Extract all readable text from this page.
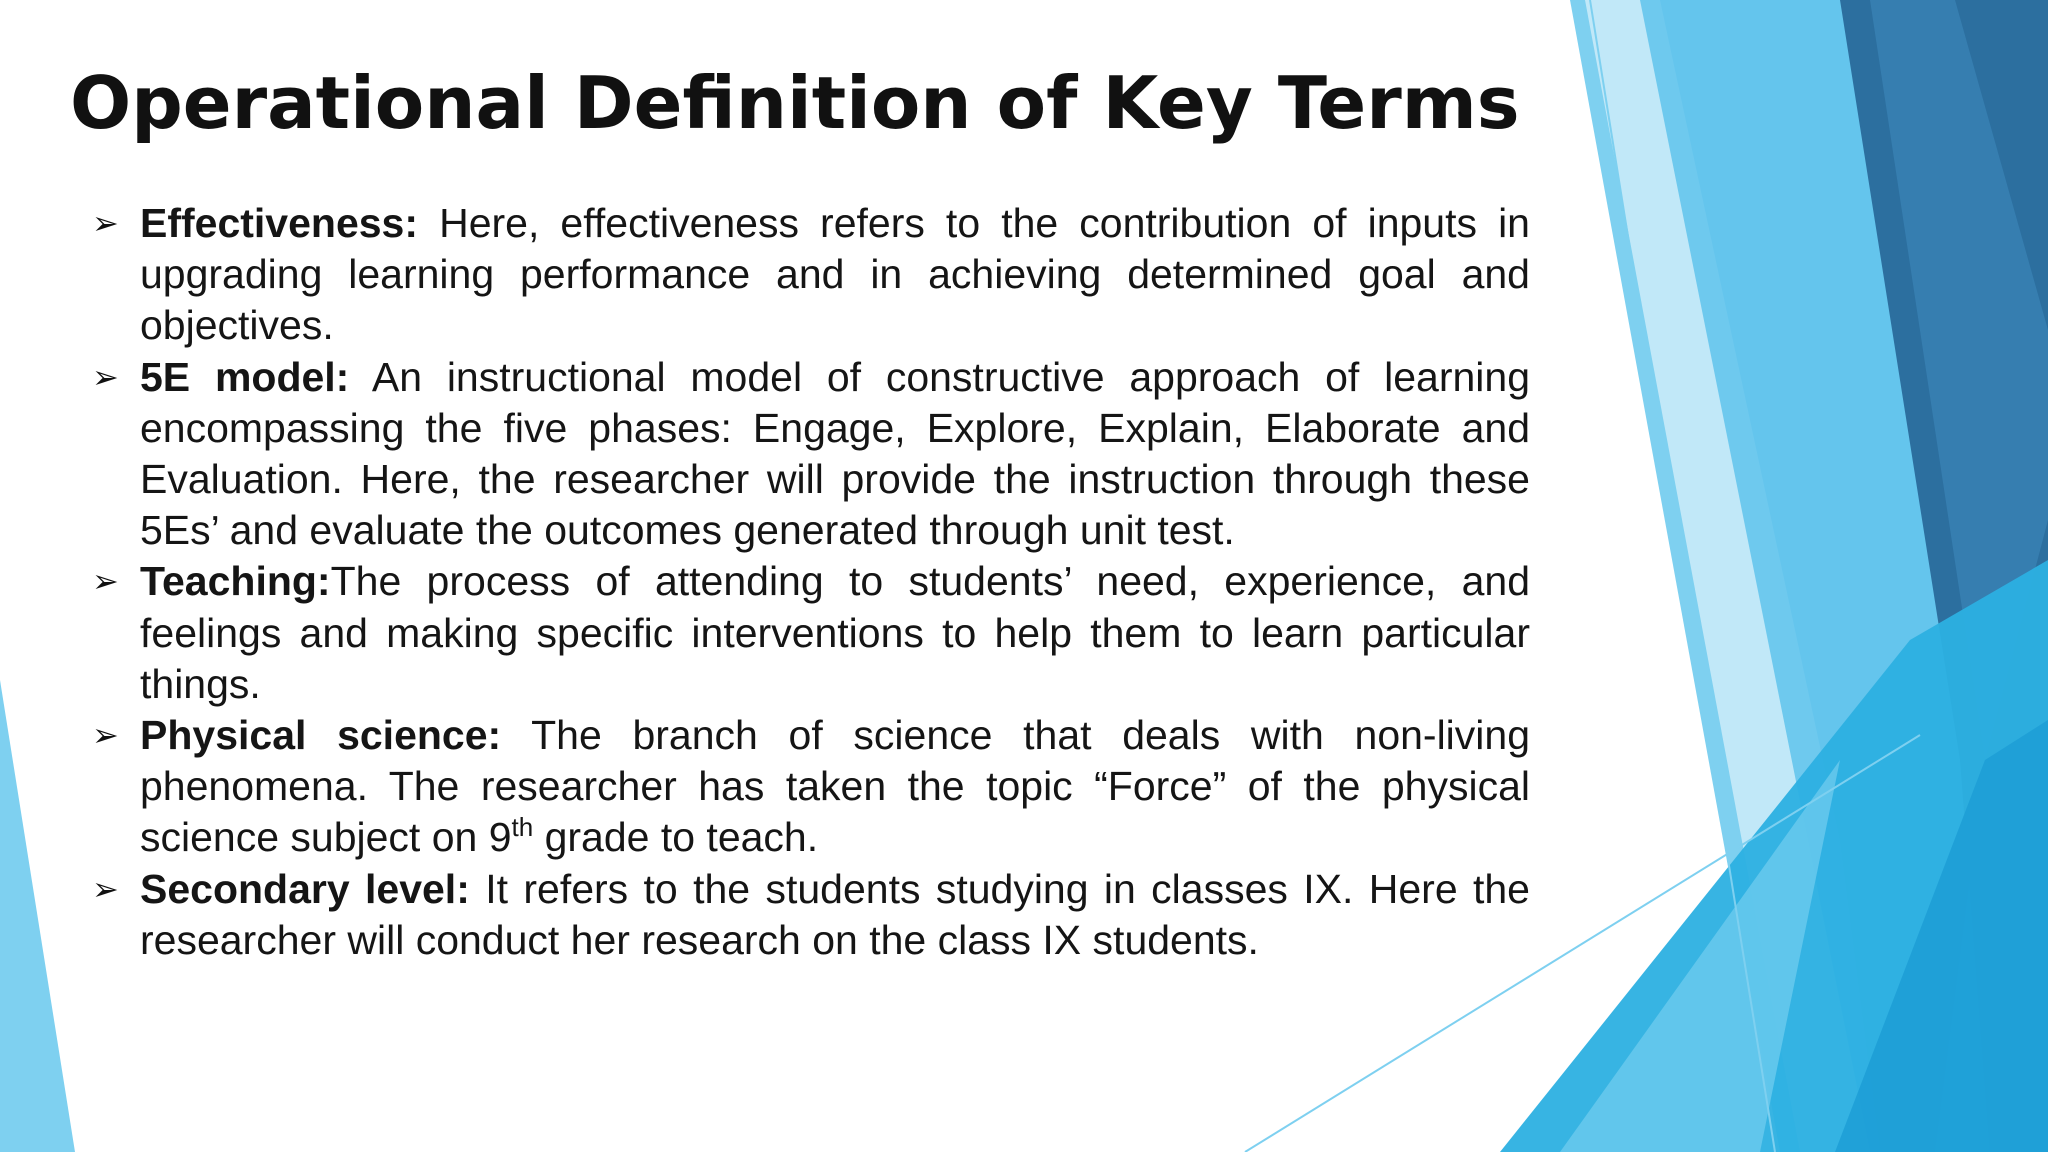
Operational Definition of Key Terms
➢ Effectiveness: Here, effectiveness refers to the contribution of inputs in upgrading learning performance and in achieving determined goal and objectives.
➢ 5E model: An instructional model of constructive approach of learning encompassing the five phases: Engage, Explore, Explain, Elaborate and Evaluation. Here, the researcher will provide the instruction through these 5Es’ and evaluate the outcomes generated through unit test.
➢ Teaching:The process of attending to students’ need, experience, and feelings and making specific interventions to help them to learn particular things.
➢ Physical science: The branch of science that deals with non-living phenomena. The researcher has taken the topic “Force” of the physical science subject on 9th grade to teach.
➢ Secondary level: It refers to the students studying in classes IX. Here the researcher will conduct her research on the class IX students.
